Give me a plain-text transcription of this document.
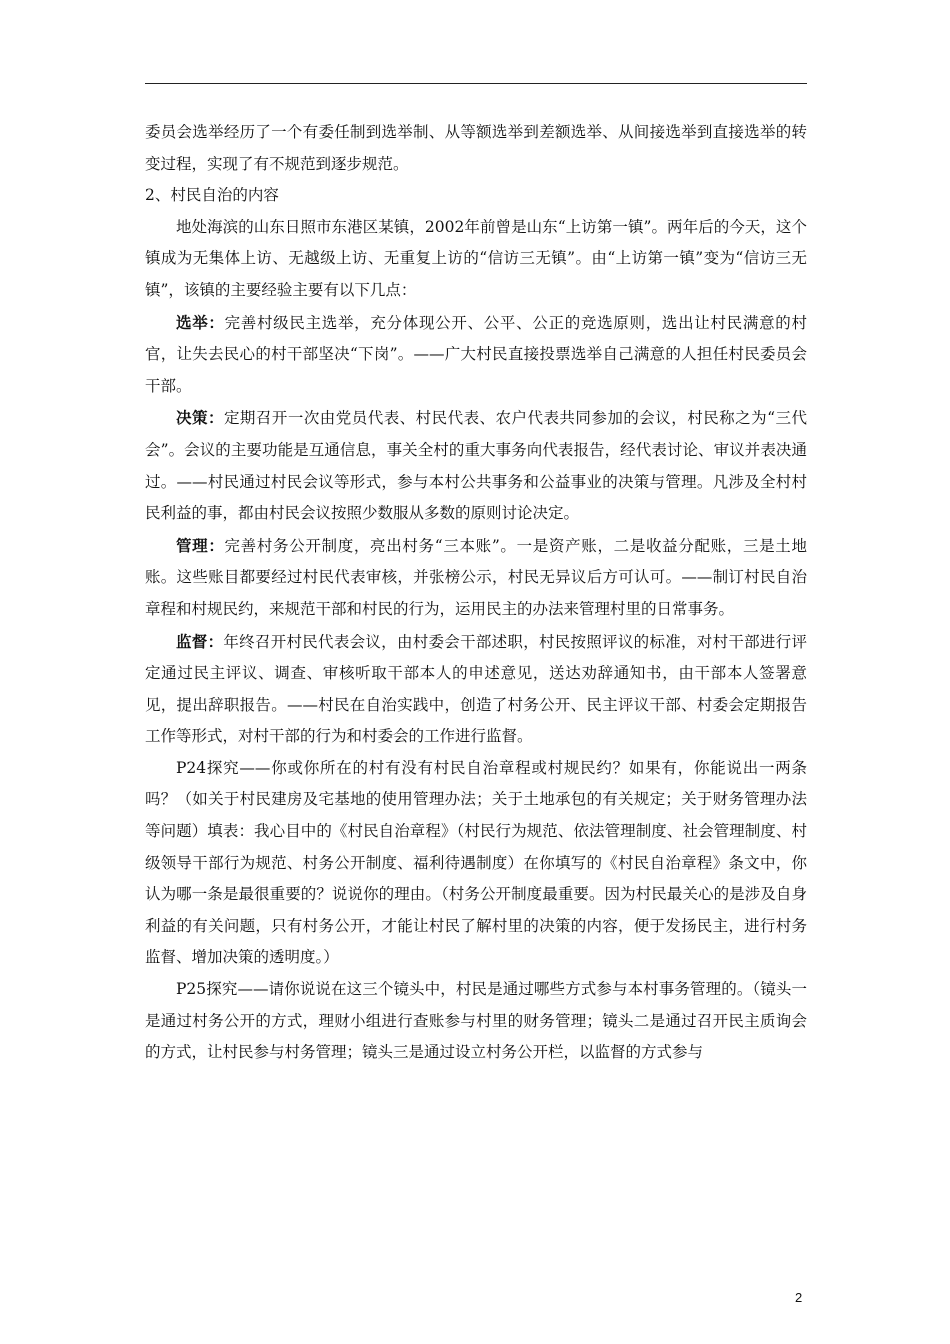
委员会选举经历了一个有委任制到选举制、从等额选举到差额选举、从间接选举到直接选举的转变过程，实现了有不规范到逐步规范。

2、村民自治的内容

地处海滨的山东日照市东港区某镇，2002年前曾是山东“上访第一镇”。两年后的今天，这个镇成为无集体上访、无越级上访、无重复上访的“信访三无镇”。由“上访第一镇”变为“信访三无镇”，该镇的主要经验主要有以下几点：

选举：完善村级民主选举，充分体现公开、公平、公正的竞选原则，选出让村民满意的村官，让失去民心的村干部坚决“下岗”。——广大村民直接投票选举自己满意的人担任村民委员会干部。

决策：定期召开一次由党员代表、村民代表、农户代表共同参加的会议，村民称之为“三代会”。会议的主要功能是互通信息，事关全村的重大事务向代表报告，经代表讨论、审议并表决通过。——村民通过村民会议等形式，参与本村公共事务和公益事业的决策与管理。凡涉及全村村民利益的事，都由村民会议按照少数服从多数的原则讨论决定。

管理：完善村务公开制度，亮出村务“三本账”。一是资产账，二是收益分配账，三是土地账。这些账目都要经过村民代表审核，并张榜公示，村民无异议后方可认可。——制订村民自治章程和村规民约，来规范干部和村民的行为，运用民主的办法来管理村里的日常事务。

监督：年终召开村民代表会议，由村委会干部述职，村民按照评议的标准，对村干部进行评定通过民主评议、调查、审核听取干部本人的申述意见，送达劝辞通知书，由干部本人签署意见，提出辞职报告。——村民在自治实践中，创造了村务公开、民主评议干部、村委会定期报告工作等形式，对村干部的行为和村委会的工作进行监督。

P24探究——你或你所在的村有没有村民自治章程或村规民约？如果有，你能说出一两条吗？（如关于村民建房及宅基地的使用管理办法；关于土地承包的有关规定；关于财务管理办法等问题）填表：我心目中的《村民自治章程》（村民行为规范、依法管理制度、社会管理制度、村级领导干部行为规范、村务公开制度、福利待遇制度）在你填写的《村民自治章程》条文中，你认为哪一条是最很重要的？说说你的理由。（村务公开制度最重要。因为村民最关心的是涉及自身利益的有关问题，只有村务公开，才能让村民了解村里的决策的内容，便于发扬民主，进行村务监督、增加决策的透明度。）

P25探究——请你说说在这三个镜头中，村民是通过哪些方式参与本村事务管理的。（镜头一是通过村务公开的方式，理财小组进行查账参与村里的财务管理；镜头二是通过召开民主质询会的方式，让村民参与村务管理；镜头三是通过设立村务公开栏，以监督的方式参与

2
